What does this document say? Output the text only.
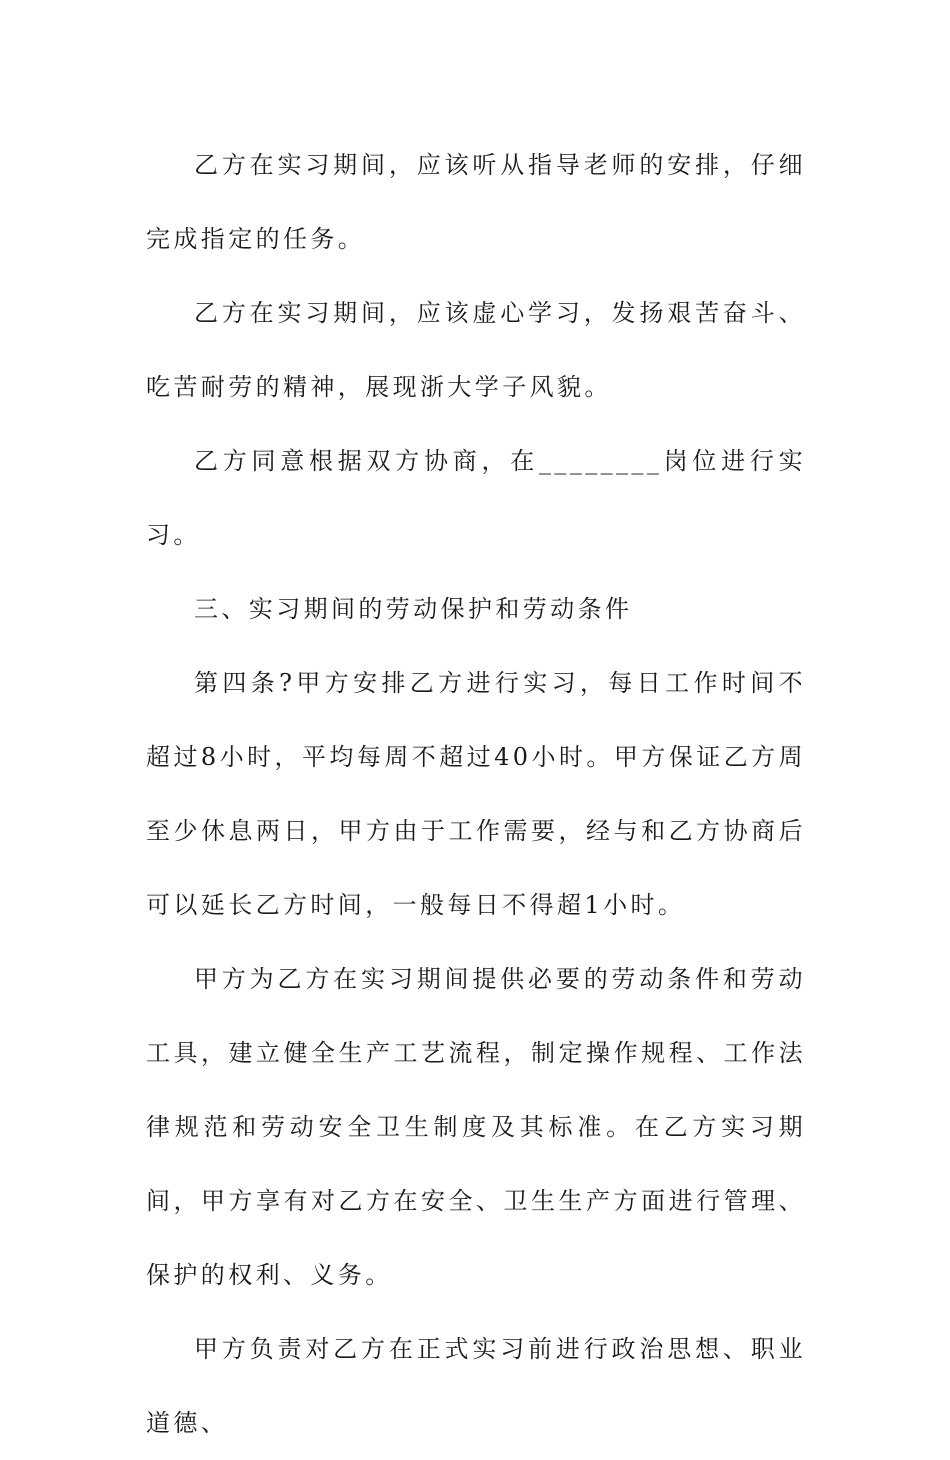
乙方在实习期间，应该听从指导老师的安排，仔细完成指定的任务。

乙方在实习期间，应该虚心学习，发扬艰苦奋斗、吃苦耐劳的精神，展现浙大学子风貌。

乙方同意根据双方协商，在________岗位进行实习。

三、实习期间的劳动保护和劳动条件

第四条?甲方安排乙方进行实习，每日工作时间不超过8小时，平均每周不超过40小时。甲方保证乙方周至少休息两日，甲方由于工作需要，经与和乙方协商后可以延长乙方时间，一般每日不得超1小时。

甲方为乙方在实习期间提供必要的劳动条件和劳动工具，建立健全生产工艺流程，制定操作规程、工作法律规范和劳动安全卫生制度及其标准。在乙方实习期间，甲方享有对乙方在安全、卫生生产方面进行管理、保护的权利、义务。

甲方负责对乙方在正式实习前进行政治思想、职业道德、
